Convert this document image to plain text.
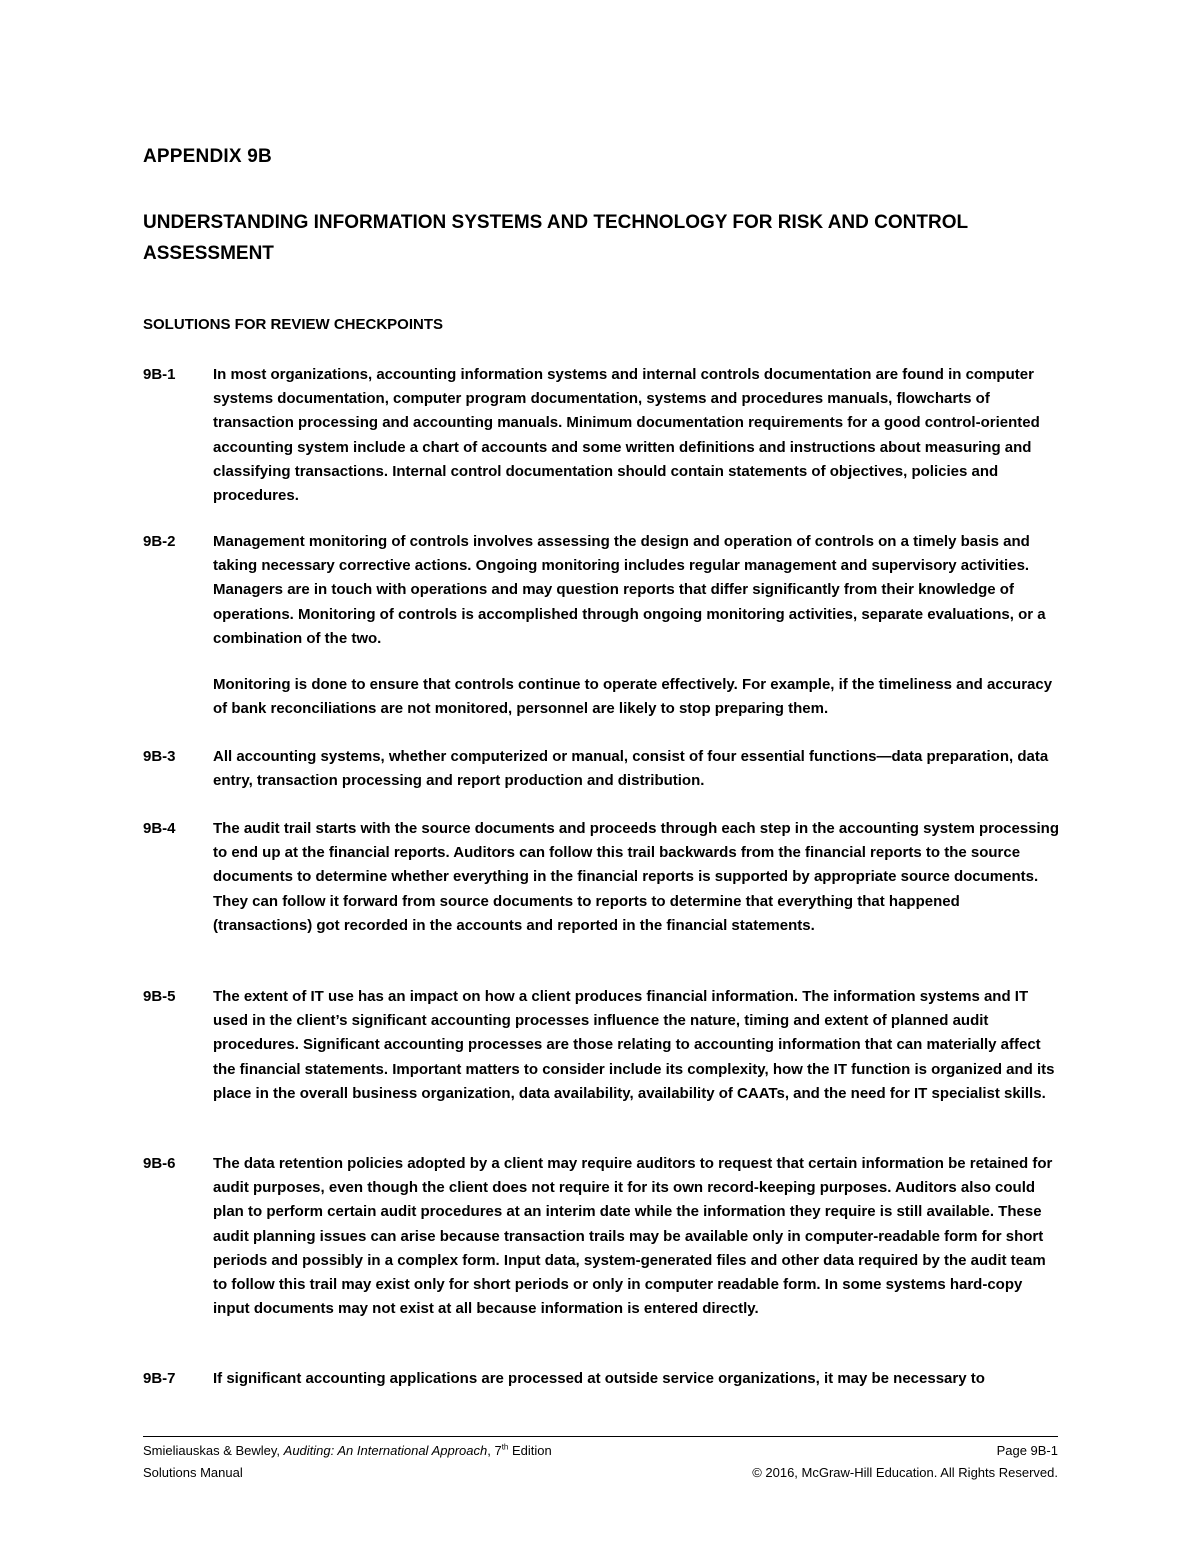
APPENDIX 9B
UNDERSTANDING INFORMATION SYSTEMS AND TECHNOLOGY FOR RISK AND CONTROL ASSESSMENT
SOLUTIONS FOR REVIEW CHECKPOINTS
9B-1	In most organizations, accounting information systems and internal controls documentation are found in computer systems documentation, computer program documentation, systems and procedures manuals, flowcharts of transaction processing and accounting manuals. Minimum documentation requirements for a good control-oriented accounting system include a chart of accounts and some written definitions and instructions about measuring and classifying transactions. Internal control documentation should contain statements of objectives, policies and procedures.

9B-2	Management monitoring of controls involves assessing the design and operation of controls on a timely basis and taking necessary corrective actions. Ongoing monitoring includes regular management and supervisory activities. Managers are in touch with operations and may question reports that differ significantly from their knowledge of operations. Monitoring of controls is accomplished through ongoing monitoring activities, separate evaluations, or a combination of the two.

Monitoring is done to ensure that controls continue to operate effectively. For example, if the timeliness and accuracy of bank reconciliations are not monitored, personnel are likely to stop preparing them.

9B-3	All accounting systems, whether computerized or manual, consist of four essential functions—data preparation, data entry, transaction processing and report production and distribution.

9B-4	The audit trail starts with the source documents and proceeds through each step in the accounting system processing to end up at the financial reports. Auditors can follow this trail backwards from the financial reports to the source documents to determine whether everything in the financial reports is supported by appropriate source documents. They can follow it forward from source documents to reports to determine that everything that happened (transactions) got recorded in the accounts and reported in the financial statements.

9B-5	The extent of IT use has an impact on how a client produces financial information. The information systems and IT used in the client’s significant accounting processes influence the nature, timing and extent of planned audit procedures. Significant accounting processes are those relating to accounting information that can materially affect the financial statements. Important matters to consider include its complexity, how the IT function is organized and its place in the overall business organization, data availability, availability of CAATs, and the need for IT specialist skills.

9B-6	The data retention policies adopted by a client may require auditors to request that certain information be retained for audit purposes, even though the client does not require it for its own record-keeping purposes. Auditors also could plan to perform certain audit procedures at an interim date while the information they require is still available. These audit planning issues can arise because transaction trails may be available only in computer-readable form for short periods and possibly in a complex form. Input data, system-generated files and other data required by the audit team to follow this trail may exist only for short periods or only in computer readable form. In some systems hard-copy input documents may not exist at all because information is entered directly.

9B-7	If significant accounting applications are processed at outside service organizations, it may be necessary to

Smieliauskas & Bewley, Auditing: An International Approach, 7th Edition	Page 9B-1
Solutions Manual	© 2016, McGraw-Hill Education. All Rights Reserved.
